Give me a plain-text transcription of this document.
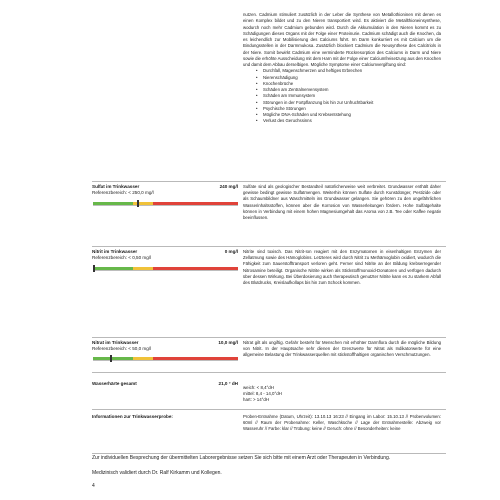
nutzen. Cadmium stimuliert zusätzlich in der Leber die Synthese von Metallothioninen mit denen es einen Komplex bildet und zu den Nieren transportiert wird. Es aktiviert die Metallthioneinsynthese, wodurch noch mehr Cadmium gebunden wird. Durch die Akkumulation in den Nieren kommt es zu Schädigungen dieses Organs mit der Folge einer Proteinurie. Cadmium schädigt auch die Knochen, da es leichendlich zur Mobilisierung des Calciums führt. Im Darm konkurriert es mit Calcium um die Bindungsstellen in der Darmmukosa. Zusätzlich blockiert Cadmium die Neusynthese des Calcitriols in der Niere. Somit bewirkt Cadmium eine verminderte Rückresorption des Calciums in Darm und Niere sowie die erhöhte Ausscheidung mit dem Harn mit der Folge einer Calciumfreisetzung aus den Knochen und damit dem Abbau derselbigen. Mögliche Symptome einer Calciumvergiftung sind:

• Durchfall, Magenschmerzen und heftiges Erbrechen
• Nierenschädigung
• Knochenbrüche
• Schäden am Zentralnervensystem
• Schäden am Immunsystem
• Störungen in der Fortpflanzung bis hin zur Unfruchtbarkeit
• Psychische Störungen
• Mögliche DNA-Schäden und Krebsentstehung
• Verlust des Geruchssinns
Sulfat im Trinkwasser
Referenzbereich: < 250,0 mg/l
240 mg/l Sulfate sind als geologischer Bestandteil natürlicherweise weit verbreitet. Grundwasser enthält daher gewisse bedingt gewisse Sulfatmengen. Weiterhin können Sulfate durch Kunstdünger, Pestizide oder als Schaumbildner aus Waschmitteln ins Grundwasser gelangen. Sie gehören zu den ungefährlichen Wasserinhaltsstoffen, können aber die Korrosion von Wasserleitungen fördern. Hohe Sulfatgehalte können in Verbindung mit einem hohen Magnesiumgehalt das Aroma von z.B. Tee oder Kaffee negativ beeinflussen.

Nitrit im Trinkwasser
Referenzbereich: < 0,50 mg/l
0 mg/l Nitrite sind toxisch. Das Nitrit-Ion reagiert mit den Enzymatomen in eisenhaltigen Enzymen der Zellatmung sowie des Hämoglobins. Letzteres wird durch Nitrit zu Methämoglobin oxidiert, wodurch die Fähigkeit zum Sauerstofftransport verloren geht. Ferner sind Nitrite an der Bildung krebserregender Nitrosamine beteiligt. Organische Nitrite wirken als Stickstoffmonoxid-Donatoren und verfügen dadurch über dessen Wirkung. Bei Überdosierung auch therapeutisch genutzter Nitrite kann es zu starkem Abfall des Blutdrucks, Kreislaufkollaps bis hin zum Schock kommen.

Nitrat im Trinkwasser
Referenzbereich: < 50,0 mg/l
10,0 mg/l Nitrat gilt als ungiftig. Gefahr besteht für Menschen mit erhöhter Darmflora durch die mögliche Bildung von Nitrit. In der Hauptsache sehr dienen der Grenzwerte für Nitrat als Indikatorwerte für eine allgemeine Belastung der Trinkwasserquellen mit stickstoffhaltigen organischen Verschmutzungen.

Wasserhärte gesamt	21,0 ° dH
weich: < 8,4°dH
mittel: 8,4 - 14,0°dH
hart: > 14°dH
Informationen zur Trinkwasserprobe:	Proben-Entnahme (Datum, Uhrzeit): 13.10.13 16:23 // Eingang im Labor: 15.10.13 // Probenvolumen: 60ml // Raum der Probenahme: Keller, Waschküche // Lage der Entnahmestelle: Abzweig vor Wasseruhr // Farbe: klar // Trübung: keine // Geruch: ohne // Besonderheiten: keine

Zur individuellen Besprechung der übermittelten Laborergebnisse setzen Sie sich bitte mit einem Arzt oder Therapeuten in Verbindung.
Medizinisch validiert durch Dr. Ralf Kirkamm und Kollegen.
4
